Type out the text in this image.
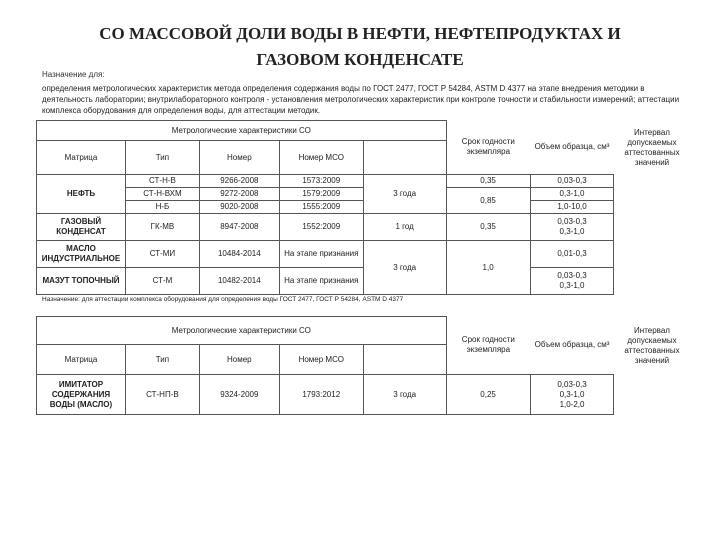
СО МАССОВОЙ ДОЛИ ВОДЫ В НЕФТИ, НЕФТЕПРОДУКТАХ И
ГАЗОВОМ КОНДЕНСАТЕ
Назначение для:
определения метрологических характеристик метода определения содержания воды по ГОСТ 2477, ГОСТ Р 54284, ASTM D 4377 на этапе внедрения методики в деятельность лаборатории; внутрилабораторного контроля - установления метрологических характеристик при контроле точности и стабильности измерений; аттестации комплекса оборудования для определения воды, для аттестации методик.
Метрологические характеристики СО					Срок годности экземпляра	Объем образца, см³	Интервал допускаемых аттестованных значений
Матрица	Тип	Номер	Номер МСО				
НЕФТЬ	СТ-Н-В	9266-2008	1573:2009	3 года	0,35	0,03-0,3	
	СТ-Н-ВХМ	9272-2008	1579:2009		0,85	0,3-1,0	
	Н-Б	9020-2008	1555:2009			1,0-10,0	

ГАЗОВЫЙ
КОНДЕНСАТ	ГК-МВ	8947-2008	1552:2009	1 год	0,35	0,03-0,3
0,3-1,0	

МАСЛО
ИНДУСТРИАЛЬНОЕ	СТ-МИ	10484-2014	На этапе признания	3 года	1,0	0,01-0,3	
МАЗУТ ТОПОЧНЫЙ	СТ-М	10482-2014	На этапе признания			0,03-0,3
0,3-1,0	
Назначение: для аттестации комплекса оборудования для определения воды ГОСТ 2477, ГОСТ Р 54284, ASTM D 4377
Метрологические характеристики СО					Срок годности экземпляра	Объем образца, см³	Интервал допускаемых аттестованных значений
Матрица	Тип	Номер	Номер МСО				

ИМИТАТОР
СОДЕРЖАНИЯ
ВОДЫ (МАСЛО)	СТ-НП-В	9324-2009	1793:2012	3 года	0,25	0,03-0,3
0,3-1,0
1,0-2,0	
